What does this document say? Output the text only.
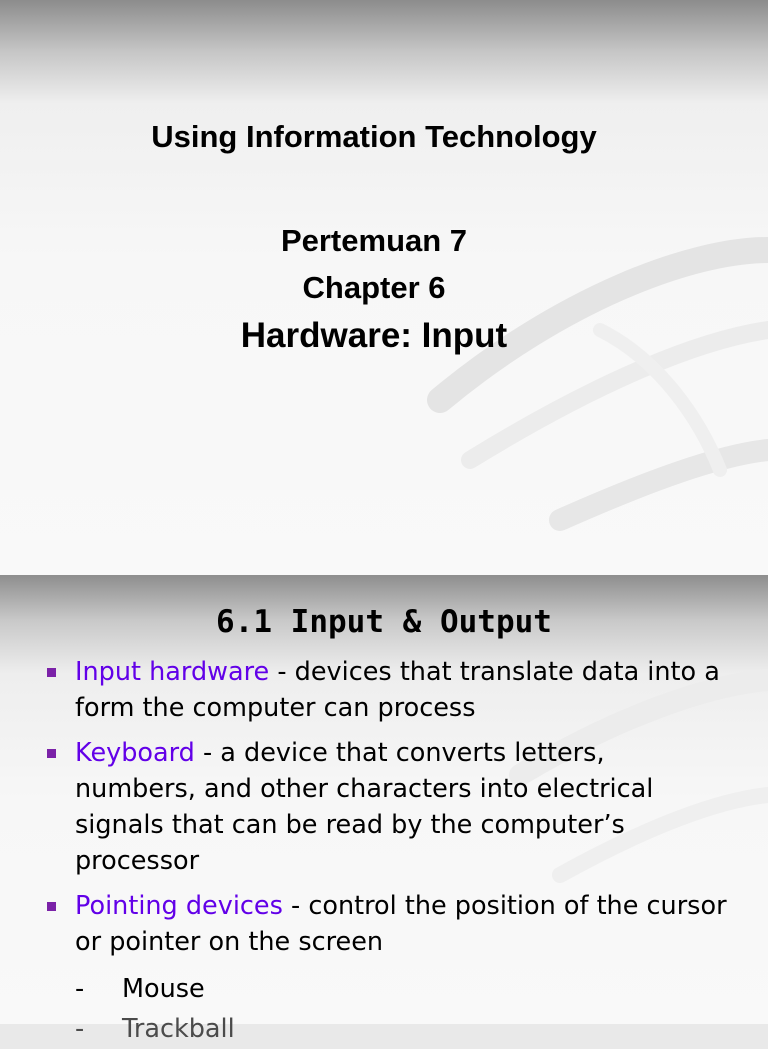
Using Information Technology
Pertemuan 7
Chapter 6
Hardware: Input
6.1 Input & Output
Input hardware - devices that translate data into a form the computer can process
Keyboard - a device that converts letters, numbers, and other characters into electrical signals that can be read by the computer’s processor
Pointing devices - control the position of the cursor or pointer on the screen
- Mouse
- Trackball
